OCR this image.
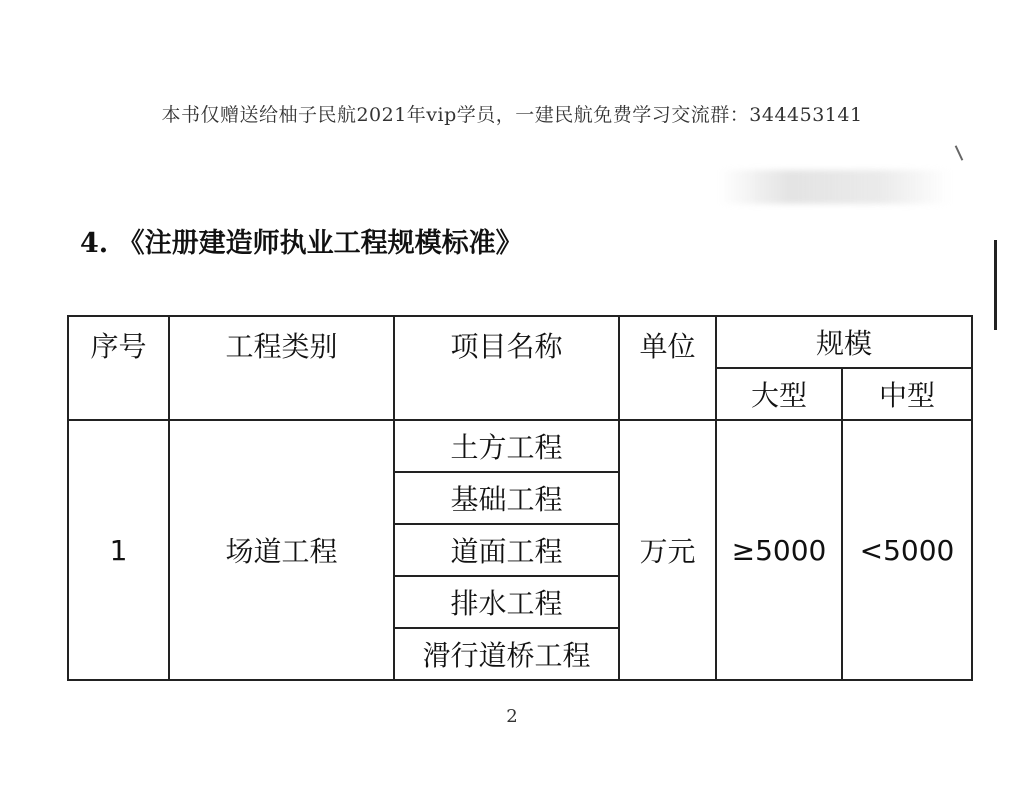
本书仅赠送给柚子民航2021年vip学员，一建民航免费学习交流群：344453141
4. 《注册建造师执业工程规模标准》
序号	工程类别	项目名称	单位	规模	
				大型	中型
1	场道工程	土方工程	万元	≥5000	<5000
		基础工程			
		道面工程			
		排水工程			
		滑行道桥工程			
2
